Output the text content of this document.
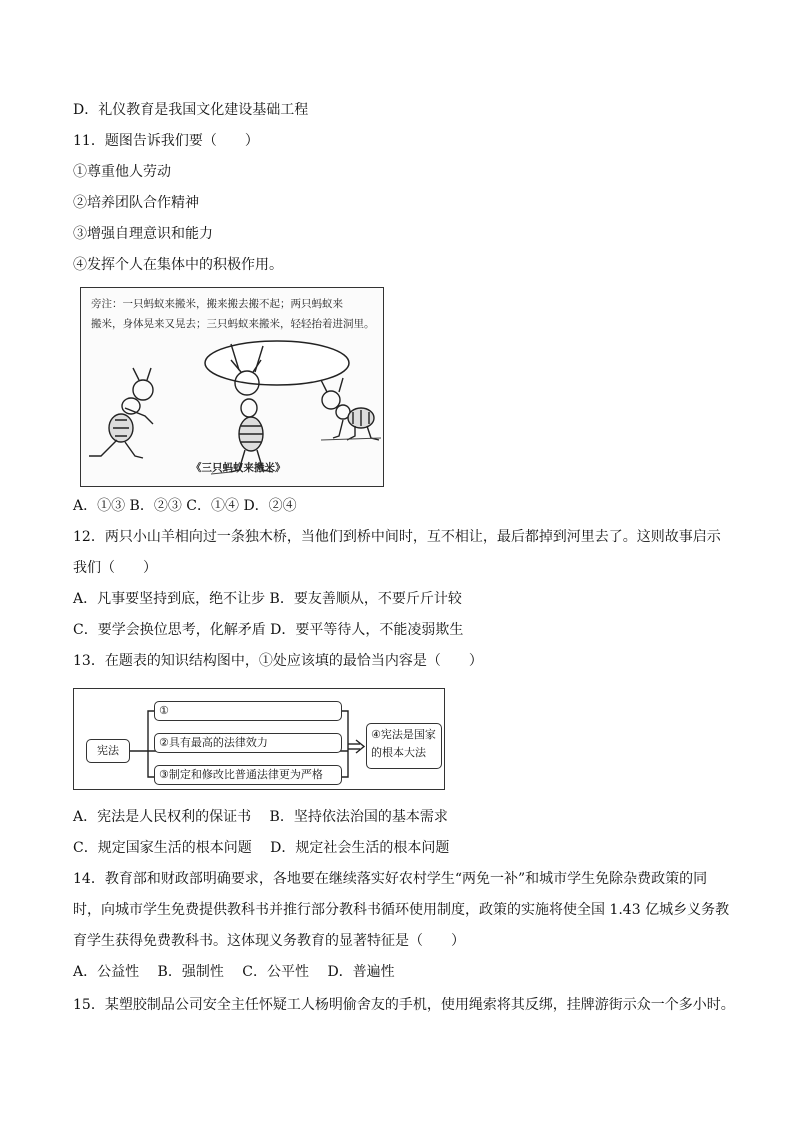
D．礼仪教育是我国文化建设基础工程
11．题图告诉我们要（　　）
①尊重他人劳动
②培养团队合作精神
③增强自理意识和能力
④发挥个人在集体中的积极作用。
旁注：一只蚂蚁来搬米，搬来搬去搬不起；两只蚂蚁来
搬米，身体晃来又晃去；三只蚂蚁来搬米，轻轻抬着进洞里。
《三只蚂蚁来搬米》
A．①③ B．②③ C．①④ D．②④
12．两只小山羊相向过一条独木桥，当他们到桥中间时，互不相让，最后都掉到河里去了。这则故事启示
我们（　　）
A．凡事要坚持到底，绝不让步 B．要友善顺从，不要斤斤计较
C．要学会换位思考，化解矛盾 D．要平等待人，不能凌弱欺生
13．在题表的知识结构图中，①处应该填的最恰当内容是（　　）
宪法
①
②具有最高的法律效力
③制定和修改比普通法律更为严格
④宪法是国家
的根本大法
A．宪法是人民权利的保证书　 B．坚持依法治国的基本需求
C．规定国家生活的根本问题　 D．规定社会生活的根本问题
14．教育部和财政部明确要求，各地要在继续落实好农村学生“两免一补”和城市学生免除杂费政策的同
时，向城市学生免费提供教科书并推行部分教科书循环使用制度，政策的实施将使全国 1.43 亿城乡义务教
育学生获得免费教科书。这体现义务教育的显著特征是（　　）
A．公益性　 B．强制性　 C．公平性　 D．普遍性
15．某塑胶制品公司安全主任怀疑工人杨明偷舍友的手机，使用绳索将其反绑，挂牌游街示众一个多小时。
